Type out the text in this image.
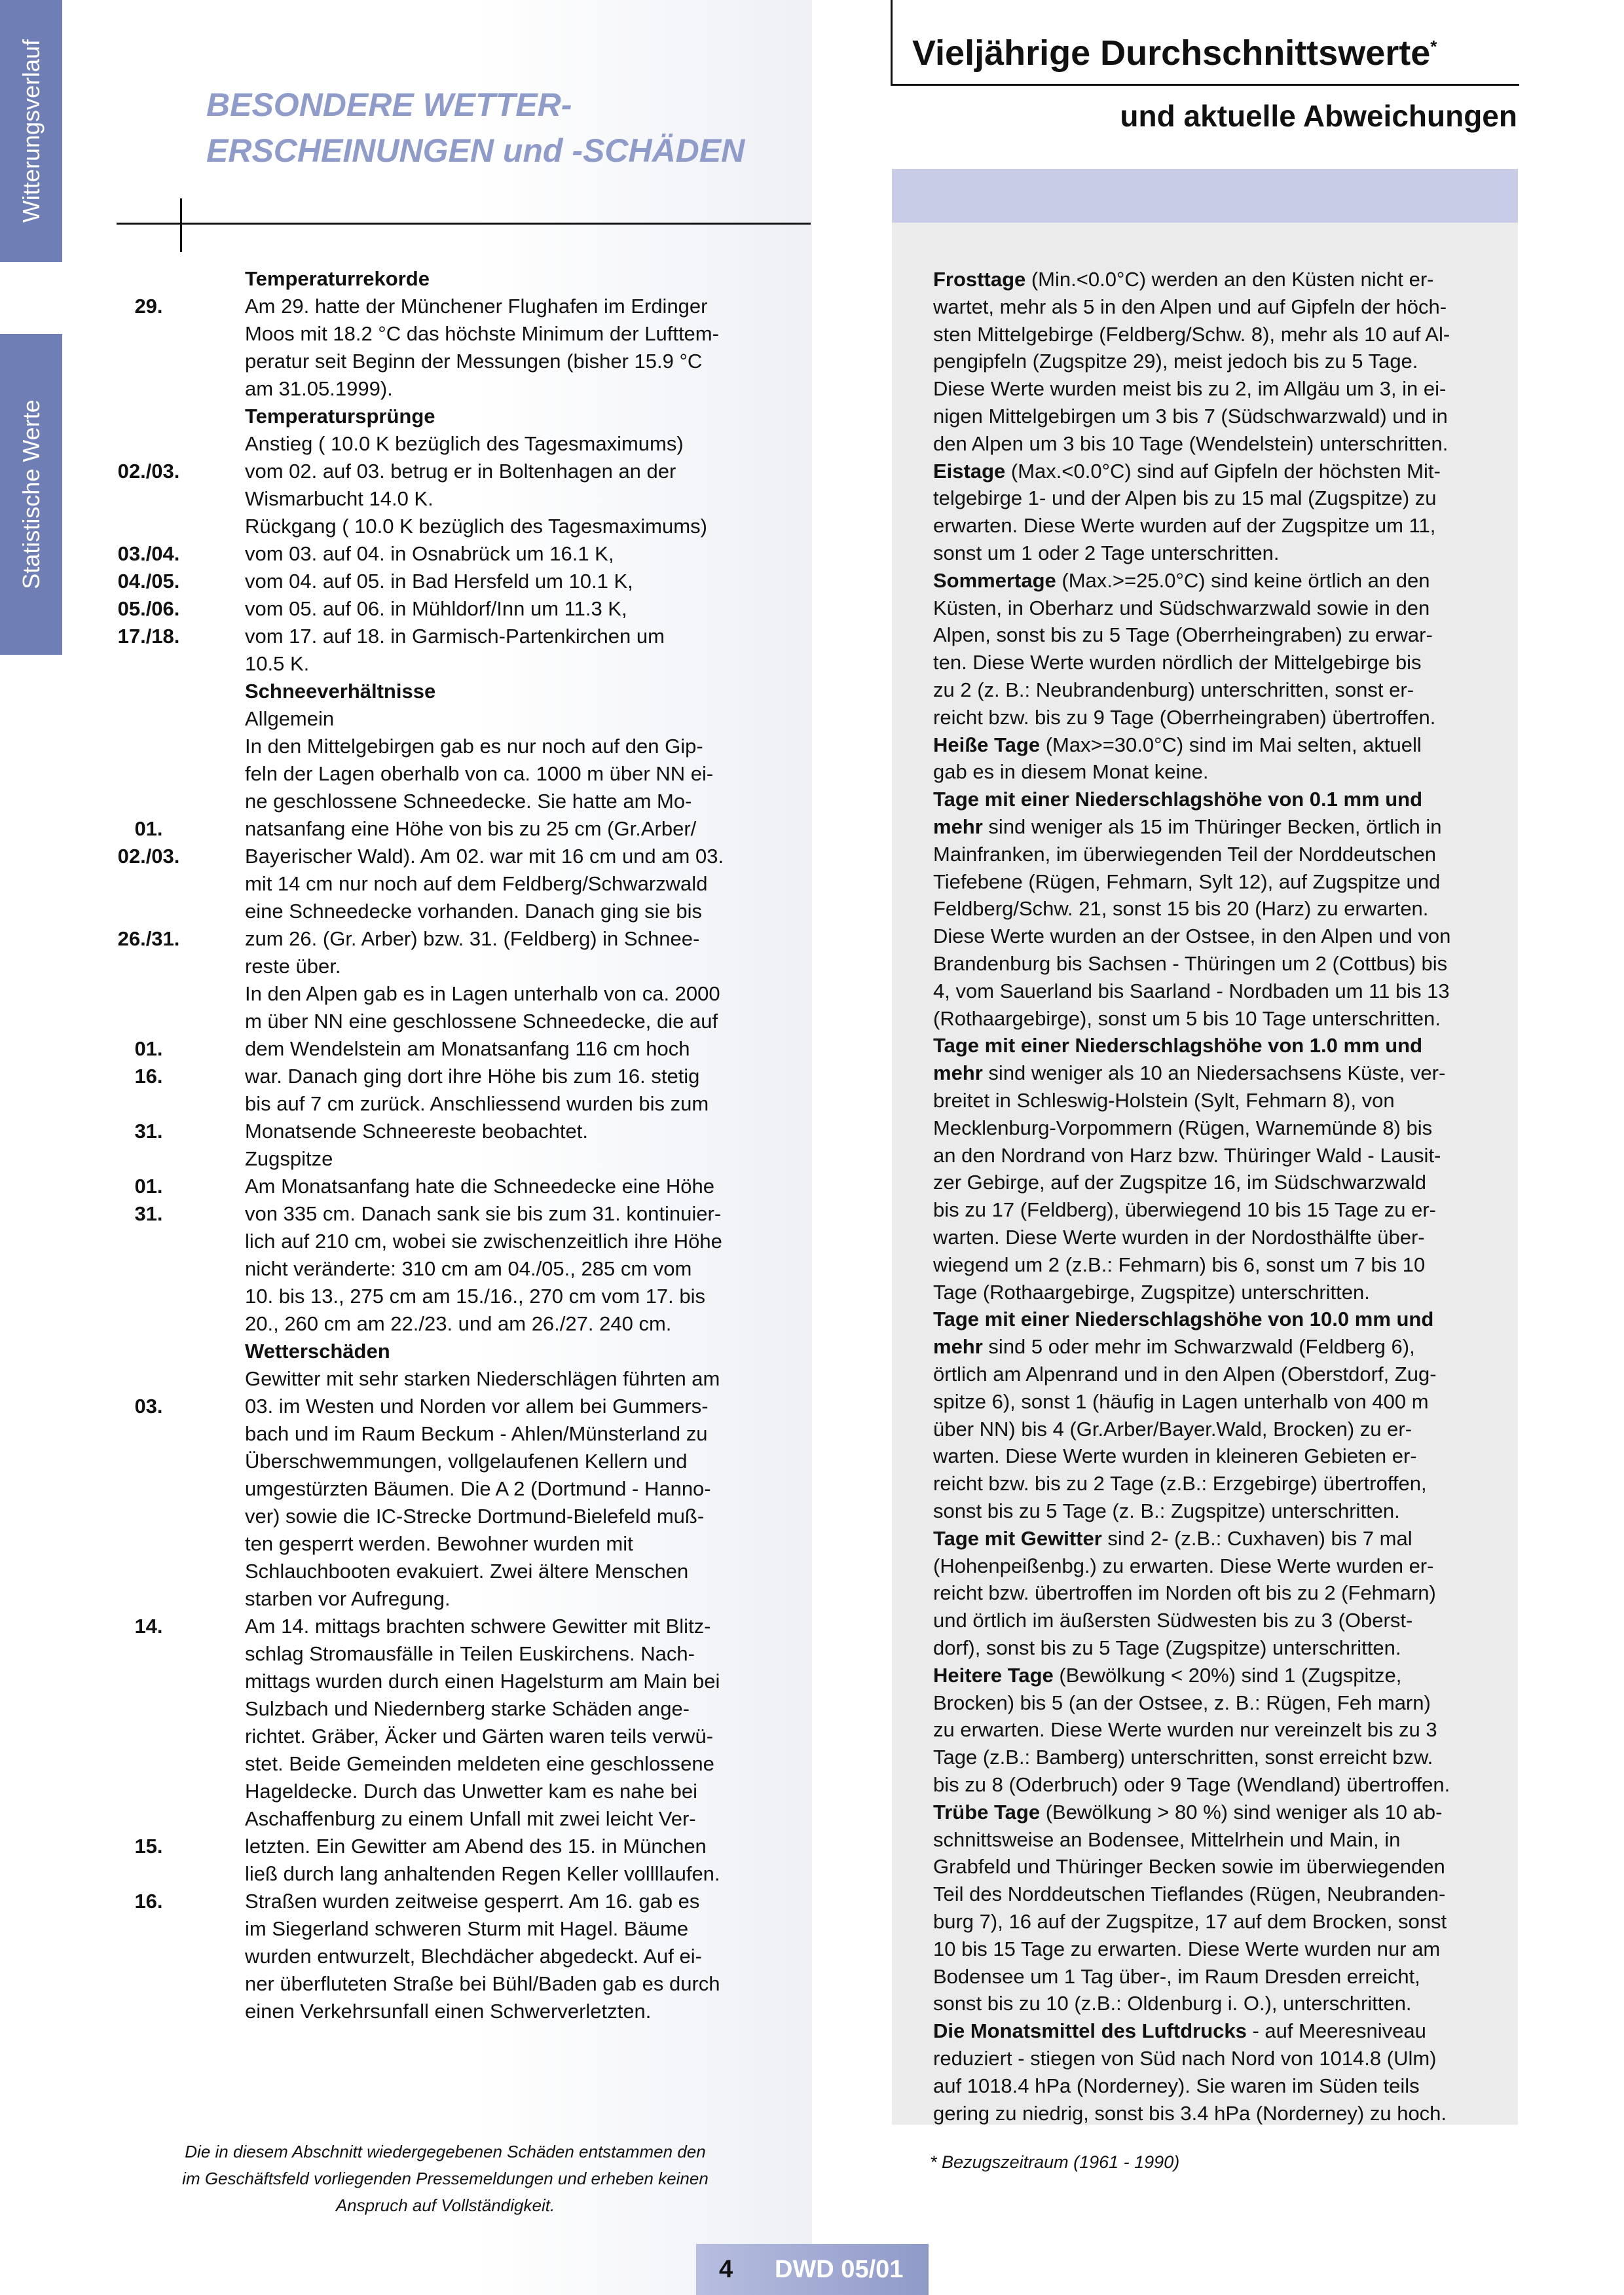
Witterungsverlauf
Statistische Werte
BESONDERE WETTER-
ERSCHEINUNGEN und -SCHÄDEN
Temperaturrekorde
29.	Am 29. hatte der Münchener Flughafen im Erdinger
Moos mit 18.2 °C das höchste Minimum der Lufttem-
peratur seit Beginn der Messungen (bisher 15.9 °C
am 31.05.1999).
Temperatursprünge
Anstieg ( 10.0 K bezüglich des Tagesmaximums)
02./03.	vom 02. auf 03. betrug er in Boltenhagen an der
Wismarbucht 14.0 K.
Rückgang ( 10.0 K bezüglich des Tagesmaximums)
03./04.	vom 03. auf 04. in Osnabrück um 16.1 K,
04./05.	vom 04. auf 05. in Bad Hersfeld um 10.1 K,
05./06.	vom 05. auf 06. in Mühldorf/Inn um 11.3 K,
17./18.	vom 17. auf 18. in Garmisch-Partenkirchen um
10.5 K.
Schneeverhältnisse
Allgemein
In den Mittelgebirgen gab es nur noch auf den Gip-
feln der Lagen oberhalb von ca. 1000 m über NN ei-
ne geschlossene Schneedecke. Sie hatte am Mo-
01.	natsanfang eine Höhe von bis zu 25 cm (Gr.Arber/
02./03.	Bayerischer Wald). Am 02. war mit 16 cm und am 03.
mit 14 cm nur noch auf dem Feldberg/Schwarzwald
eine Schneedecke vorhanden. Danach ging sie bis
26./31.	zum 26. (Gr. Arber) bzw. 31. (Feldberg) in Schnee-
reste über.
In den Alpen gab es in Lagen unterhalb von ca. 2000
m über NN eine geschlossene Schneedecke, die auf
01.	dem Wendelstein am Monatsanfang 116 cm hoch
16.	war. Danach ging dort ihre Höhe bis zum 16. stetig
bis auf 7 cm zurück. Anschliessend wurden bis zum
31.	Monatsende Schneereste beobachtet.
Zugspitze
01.	Am Monatsanfang hate die Schneedecke eine Höhe
31.	von 335 cm. Danach sank sie bis zum 31. kontinuier-
lich auf 210 cm, wobei sie zwischenzeitlich ihre Höhe
nicht veränderte: 310 cm am 04./05., 285 cm vom
10. bis 13., 275 cm am 15./16., 270 cm vom 17. bis
20., 260 cm am 22./23. und am 26./27. 240 cm.
Wetterschäden
Gewitter mit sehr starken Niederschlägen führten am
03.	03. im Westen und Norden vor allem bei Gummers-
bach und im Raum Beckum - Ahlen/Münsterland zu
Überschwemmungen, vollgelaufenen Kellern und
umgestürzten Bäumen. Die A 2 (Dortmund - Hanno-
ver) sowie die IC-Strecke Dortmund-Bielefeld muß-
ten gesperrt werden. Bewohner wurden mit
Schlauchbooten evakuiert. Zwei ältere Menschen
starben vor Aufregung.
14.	Am 14. mittags brachten schwere Gewitter mit Blitz-
schlag Stromausfälle in Teilen Euskirchens. Nach-
mittags wurden durch einen Hagelsturm am Main bei
Sulzbach und Niedernberg starke Schäden ange-
richtet. Gräber, Äcker und Gärten waren teils verwü-
stet. Beide Gemeinden meldeten eine geschlossene
Hageldecke. Durch das Unwetter kam es nahe bei
Aschaffenburg zu einem Unfall mit zwei leicht Ver-
15.	letzten. Ein Gewitter am Abend des 15. in München
ließ durch lang anhaltenden Regen Keller vollllaufen.
16.	Straßen wurden zeitweise gesperrt. Am 16. gab es
im Siegerland schweren Sturm mit Hagel. Bäume
wurden entwurzelt, Blechdächer abgedeckt. Auf ei-
ner überfluteten Straße bei Bühl/Baden gab es durch
einen Verkehrsunfall einen Schwerverletzten.
Die in diesem Abschnitt wiedergegebenen Schäden entstammen den
im Geschäftsfeld vorliegenden Pressemeldungen und erheben keinen
Anspruch auf Vollständigkeit.
Vieljährige Durchschnittswerte*
und aktuelle Abweichungen
Frosttage (Min.<0.0°C) werden an den Küsten nicht er-
wartet, mehr als 5 in den Alpen und auf Gipfeln der höch-
sten Mittelgebirge (Feldberg/Schw. 8), mehr als 10 auf Al-
pengipfeln (Zugspitze 29), meist jedoch bis zu 5 Tage.
Diese Werte wurden meist bis zu 2, im Allgäu um 3, in ei-
nigen Mittelgebirgen um 3 bis 7 (Südschwarzwald) und in
den Alpen um 3 bis 10 Tage (Wendelstein) unterschritten.
Eistage (Max.<0.0°C) sind auf Gipfeln der höchsten Mit-
telgebirge 1- und der Alpen bis zu 15 mal (Zugspitze) zu
erwarten. Diese Werte wurden auf der Zugspitze um 11,
sonst um 1 oder 2 Tage unterschritten.
Sommertage (Max.>=25.0°C) sind keine örtlich an den
Küsten, in Oberharz und Südschwarzwald sowie in den
Alpen, sonst bis zu 5 Tage (Oberrheingraben) zu erwar-
ten. Diese Werte wurden nördlich der Mittelgebirge bis
zu 2 (z. B.: Neubrandenburg) unterschritten, sonst er-
reicht bzw. bis zu 9 Tage (Oberrheingraben) übertroffen.
Heiße Tage (Max>=30.0°C) sind im Mai selten, aktuell
gab es in diesem Monat keine.
Tage mit einer Niederschlagshöhe von 0.1 mm und
mehr sind weniger als 15 im Thüringer Becken, örtlich in
Mainfranken, im überwiegenden Teil der Norddeutschen
Tiefebene (Rügen, Fehmarn, Sylt 12), auf Zugspitze und
Feldberg/Schw. 21, sonst 15 bis 20 (Harz) zu erwarten.
Diese Werte wurden an der Ostsee, in den Alpen und von
Brandenburg bis Sachsen - Thüringen um 2 (Cottbus) bis
4, vom Sauerland bis Saarland - Nordbaden um 11 bis 13
(Rothaargebirge), sonst um 5 bis 10 Tage unterschritten.
Tage mit einer Niederschlagshöhe von 1.0 mm und
mehr sind weniger als 10 an Niedersachsens Küste, ver-
breitet in Schleswig-Holstein (Sylt, Fehmarn 8), von
Mecklenburg-Vorpommern (Rügen, Warnemünde 8) bis
an den Nordrand von Harz bzw. Thüringer Wald - Lausit-
zer Gebirge, auf der Zugspitze 16, im Südschwarzwald
bis zu 17 (Feldberg), überwiegend 10 bis 15 Tage zu er-
warten. Diese Werte wurden in der Nordosthälfte über-
wiegend um 2 (z.B.: Fehmarn) bis 6, sonst um 7 bis 10
Tage (Rothaargebirge, Zugspitze) unterschritten.
Tage mit einer Niederschlagshöhe von 10.0 mm und
mehr sind 5 oder mehr im Schwarzwald (Feldberg 6),
örtlich am Alpenrand und in den Alpen (Oberstdorf, Zug-
spitze 6), sonst 1 (häufig in Lagen unterhalb von 400 m
über NN) bis 4 (Gr.Arber/Bayer.Wald, Brocken) zu er-
warten. Diese Werte wurden in kleineren Gebieten er-
reicht bzw. bis zu 2 Tage (z.B.: Erzgebirge) übertroffen,
sonst bis zu 5 Tage (z. B.: Zugspitze) unterschritten.
Tage mit Gewitter sind 2- (z.B.: Cuxhaven) bis 7 mal
(Hohenpeißenbg.) zu erwarten. Diese Werte wurden er-
reicht bzw. übertroffen im Norden oft bis zu 2 (Fehmarn)
und örtlich im äußersten Südwesten bis zu 3 (Oberst-
dorf), sonst bis zu 5 Tage (Zugspitze) unterschritten.
Heitere Tage (Bewölkung < 20%) sind 1 (Zugspitze,
Brocken) bis 5 (an der Ostsee, z. B.: Rügen, Feh marn)
zu erwarten. Diese Werte wurden nur vereinzelt bis zu 3
Tage (z.B.: Bamberg) unterschritten, sonst erreicht bzw.
bis zu 8 (Oderbruch) oder 9 Tage (Wendland) übertroffen.
Trübe Tage (Bewölkung > 80 %) sind weniger als 10 ab-
schnittsweise an Bodensee, Mittelrhein und Main, in
Grabfeld und Thüringer Becken sowie im überwiegenden
Teil des Norddeutschen Tieflandes (Rügen, Neubranden-
burg 7), 16 auf der Zugspitze, 17 auf dem Brocken, sonst
10 bis 15 Tage zu erwarten. Diese Werte wurden nur am
Bodensee um 1 Tag über-, im Raum Dresden erreicht,
sonst bis zu 10 (z.B.: Oldenburg i. O.), unterschritten.
Die Monatsmittel des Luftdrucks - auf Meeresniveau
reduziert - stiegen von Süd nach Nord von 1014.8 (Ulm)
auf 1018.4 hPa (Norderney). Sie waren im Süden teils
gering zu niedrig, sonst bis 3.4 hPa (Norderney) zu hoch.
* Bezugszeitraum (1961 - 1990)
4 DWD 05/01
